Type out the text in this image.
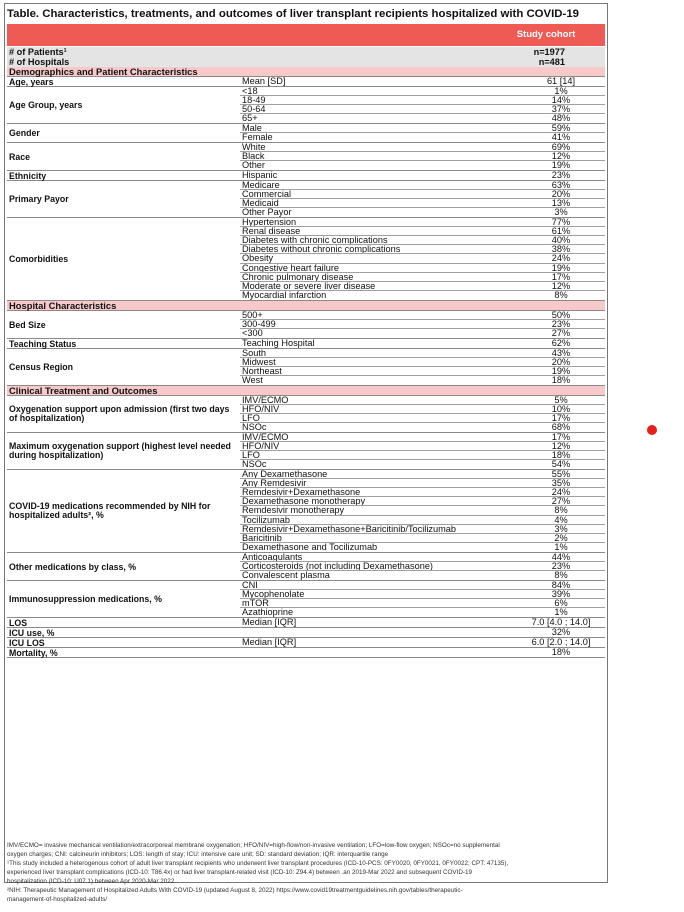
Table. Characteristics, treatments, and outcomes of liver transplant recipients hospitalized with COVID-19
Study cohort
# of Patients¹	n=1977
# of Hospitals	n=481
Demographics and Patient Characteristics
Age, years	Mean [SD]	61 [14]
Age Group, years
<18	1%
18-49	14%
50-64	37%
65+	48%
Gender	Male	59%
Female	41%
Race
White	69%
Black	12%
Other	19%
Ethnicity	Hispanic	23%
Primary Payor
Medicare	63%
Commercial	20%
Medicaid	13%
Other Payor	3%
Comorbidities
Hypertension	77%
Renal disease	61%
Diabetes with chronic complications	40%
Diabetes without chronic complications	38%
Obesity	24%
Congestive heart failure	19%
Chronic pulmonary disease	17%
Moderate or severe liver disease	12%
Myocardial infarction	8%
Hospital Characteristics
Bed Size
500+	50%
300-499	23%
<300	27%
Teaching Status	Teaching Hospital	62%
Census Region
South	43%
Midwest	20%
Northeast	19%
West	18%
Clinical Treatment and Outcomes
Oxygenation support upon admission (first two days of hospitalization)
IMV/ECMO	5%
HFO/NIV	10%
LFO	17%
NSOc	68%
Maximum oxygenation support (highest level needed during hospitalization)
IMV/ECMO	17%
HFO/NIV	12%
LFO	18%
NSOc	54%
COVID-19 medications recommended by NIH for hospitalized adults², %
Any Dexamethasone	55%
Any Remdesivir	35%
Remdesivir+Dexamethasone	24%
Dexamethasone monotherapy	27%
Remdesivir monotherapy	8%
Tocilizumab	4%
Remdesivir+Dexamethasone+Baricitinib/Tocilizumab	3%
Baricitinib	2%
Dexamethasone and Tocilizumab	1%
Other medications by class, %
Anticoagulants	44%
Corticosteroids (not including Dexamethasone)	23%
Convalescent plasma	8%
Immunosuppression medications, %
CNI	84%
Mycophenolate	39%
mTOR	6%
Azathioprine	1%
LOS	Median [IQR]	7.0 [4.0 ; 14.0]
ICU use, %	32%
ICU LOS	Median [IQR]	6.0 [2.0 ; 14.0]
Mortality, %	18%
IMV/ECMO= invasive mechanical ventilation/extracorporeal membrane oxygenation; HFO/NIV=high-flow/non-invasive ventilation; LFO=low-flow oxygen; NSOc=no supplemental
oxygen charges; CNI: calcineurin inhibitors; LOS: length of stay; ICU: intensive care unit; SD: standard deviation; IQR: interquartile range
¹This study included a heterogenous cohort of adult liver transplant recipients who underwent liver transplant procedures (ICD-10-PCS: 0FY0020, 0FY0021, 0FY0022; CPT: 47135),
experienced liver transplant complications (ICD-10: T86.4x) or had liver transplant-related visit (ICD-10: Z94.4) between .an 2019-Mar 2022 and subsequent COVID-19
hospitalization (ICD-10: U07.1) between Apr 2020-Mar 2022.
²NIH: Therapeutic Management of Hospitalized Adults With COVID-19 (updated August 8, 2022) https://www.covid19treatmentguidelines.nih.gov/tables/therapeutic-
management-of-hospitalized-adults/
